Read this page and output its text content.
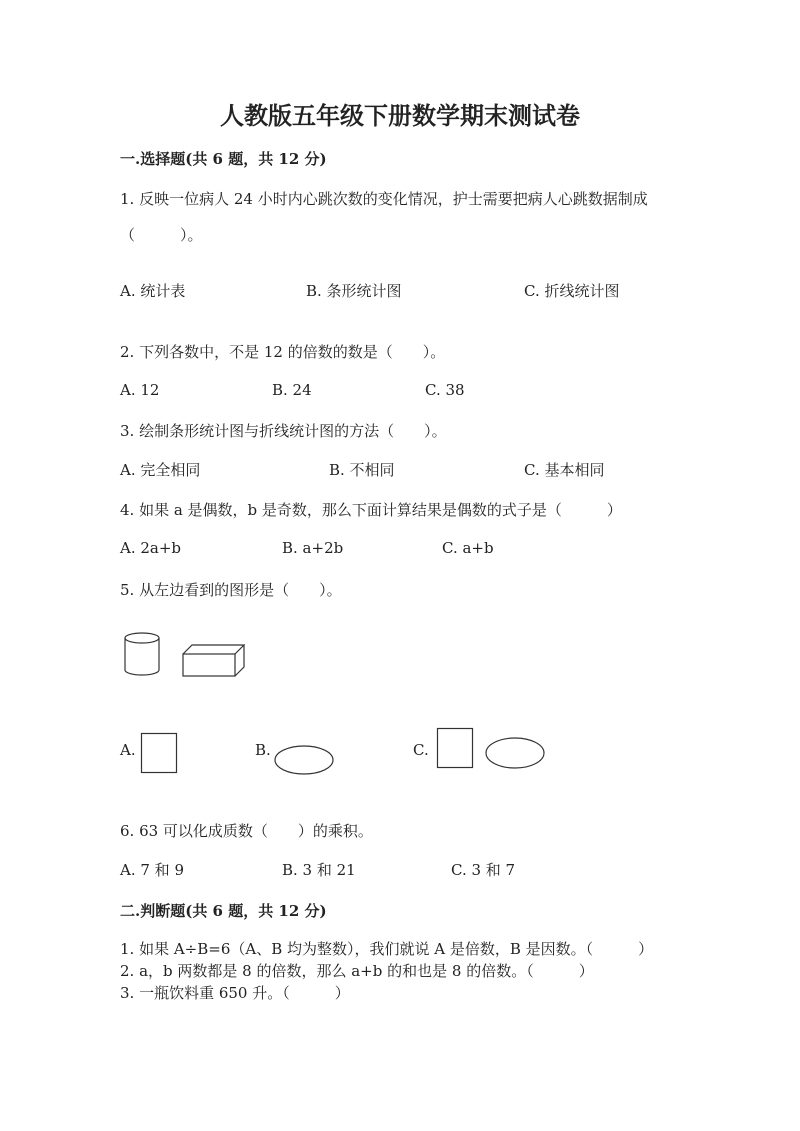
人教版五年级下册数学期末测试卷
一.选择题(共 6 题，共 12 分)
1. 反映一位病人 24 小时内心跳次数的变化情况，护士需要把病人心跳数据制成
（　　　）。
A. 统计表	B. 条形统计图	C. 折线统计图
2. 下列各数中，不是 12 的倍数的数是（　　）。
A. 12	B. 24	C. 38
3. 绘制条形统计图与折线统计图的方法（　　）。
A. 完全相同	B. 不相同	C. 基本相同
4. 如果 a 是偶数，b 是奇数，那么下面计算结果是偶数的式子是（　　　）
A. 2a+b	B. a+2b	C. a+b
5. 从左边看到的图形是（　　）。
A.	B.	C.
6. 63 可以化成质数（　　）的乘积。
A. 7 和 9	B. 3 和 21	C. 3 和 7
二.判断题(共 6 题，共 12 分)
1. 如果 A÷B=6（A、B 均为整数），我们就说 A 是倍数，B 是因数。（　　　）
2. a，b 两数都是 8 的倍数，那么 a+b 的和也是 8 的倍数。（　　　）
3. 一瓶饮料重 650 升。（　　　）
